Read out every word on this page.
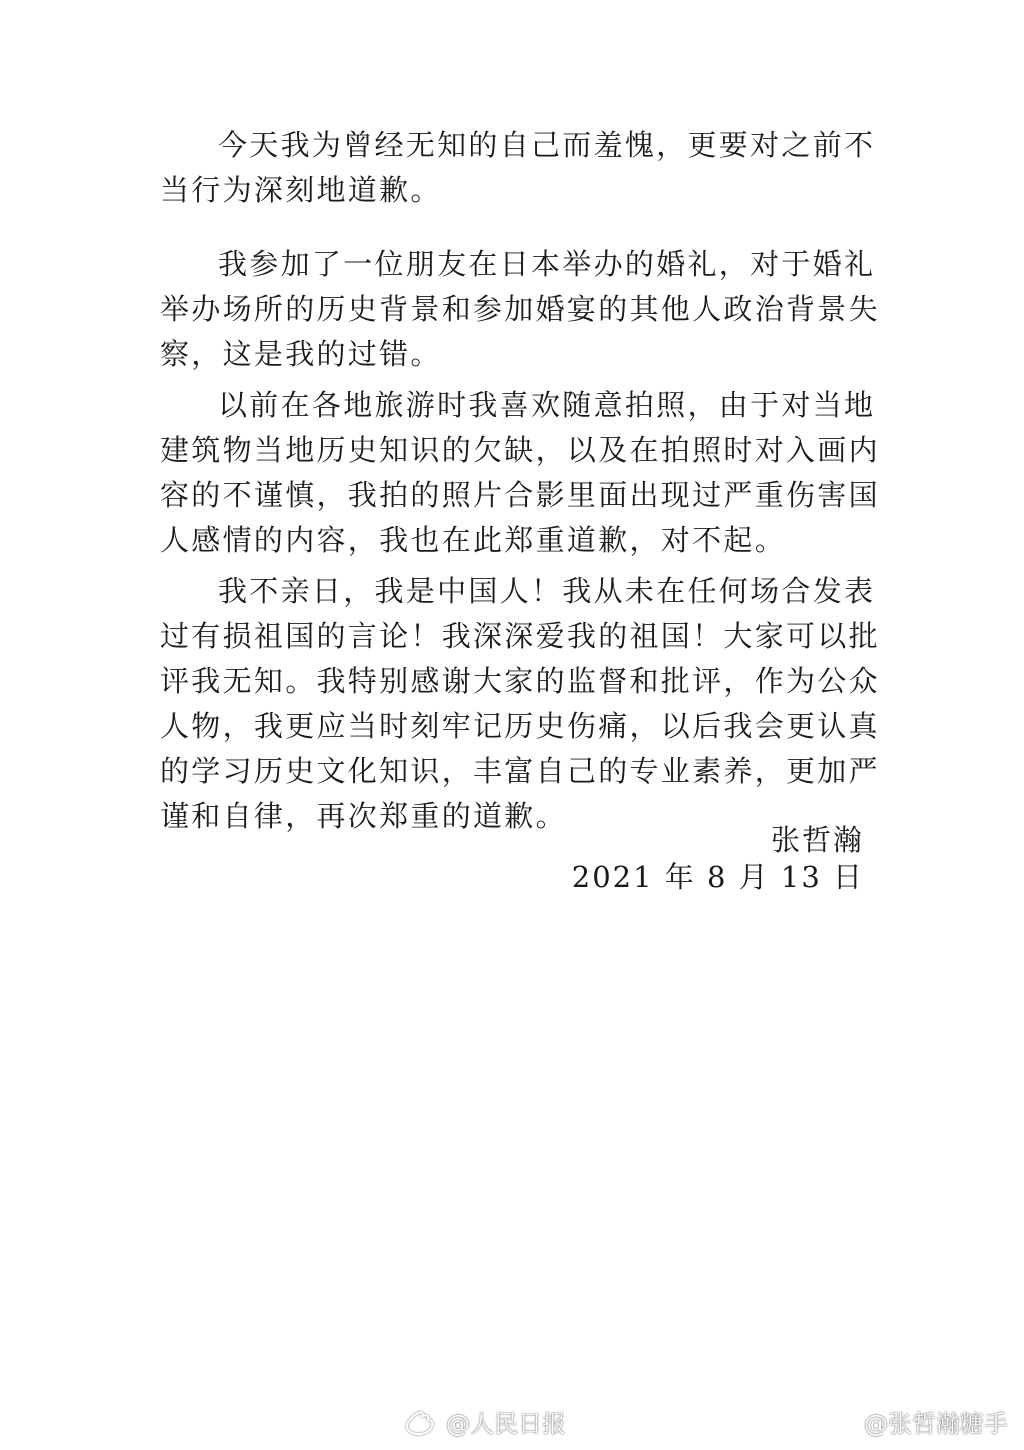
今天我为曾经无知的自己而羞愧，更要对之前不当行为深刻地道歉。

我参加了一位朋友在日本举办的婚礼，对于婚礼举办场所的历史背景和参加婚宴的其他人政治背景失察，这是我的过错。

以前在各地旅游时我喜欢随意拍照，由于对当地建筑物当地历史知识的欠缺，以及在拍照时对入画内容的不谨慎，我拍的照片合影里面出现过严重伤害国人感情的内容，我也在此郑重道歉，对不起。

我不亲日，我是中国人！我从未在任何场合发表过有损祖国的言论！我深深爱我的祖国！大家可以批评我无知。我特别感谢大家的监督和批评，作为公众人物，我更应当时刻牢记历史伤痛，以后我会更认真的学习历史文化知识，丰富自己的专业素养，更加严谨和自律，再次郑重的道歉。

张哲瀚

2021 年 8 月 13 日

@人民日报	@张哲瀚糖手
